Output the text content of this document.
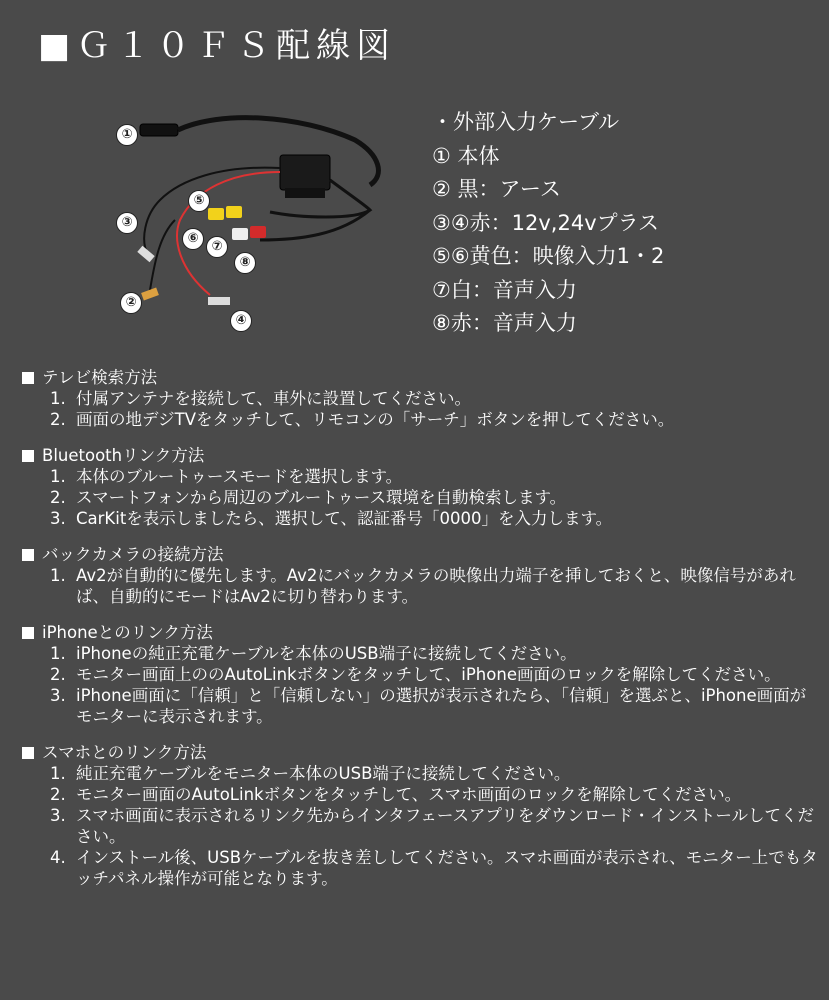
■Ｇ１０ＦＳ配線図
①
②
③
④
⑤
⑥
⑦
⑧
・外部入力ケーブル
① 本体
② 黒：アース
③④赤：12v,24vプラス
⑤⑥黄色：映像入力1・2
⑦白：音声入力
⑧赤：音声入力
テレビ検索方法
1. 付属アンテナを接続して、車外に設置してください。
2. 画面の地デジTVをタッチして、リモコンの「サーチ」ボタンを押してください。
Bluetoothリンク方法
1. 本体のブルートゥースモードを選択します。
2. スマートフォンから周辺のブルートゥース環境を自動検索します。
3. CarKitを表示しましたら、選択して、認証番号「0000」を入力します。
バックカメラの接続方法
1. Av2が自動的に優先します。Av2にバックカメラの映像出力端子を挿しておくと、映像信号があれば、自動的にモードはAv2に切り替わります。
iPhoneとのリンク方法
1. iPhoneの純正充電ケーブルを本体のUSB端子に接続してください。
2. モニター画面上ののAutoLinkボタンをタッチして、iPhone画面のロックを解除してください。
3. iPhone画面に「信頼」と「信頼しない」の選択が表示されたら、「信頼」を選ぶと、iPhone画面がモニターに表示されます。
スマホとのリンク方法
1. 純正充電ケーブルをモニター本体のUSB端子に接続してください。
2. モニター画面のAutoLinkボタンをタッチして、スマホ画面のロックを解除してください。
3. スマホ画面に表示されるリンク先からインタフェースアプリをダウンロード・インストールしてください。
4. インストール後、USBケーブルを抜き差ししてください。スマホ画面が表示され、モニター上でもタッチパネル操作が可能となります。
